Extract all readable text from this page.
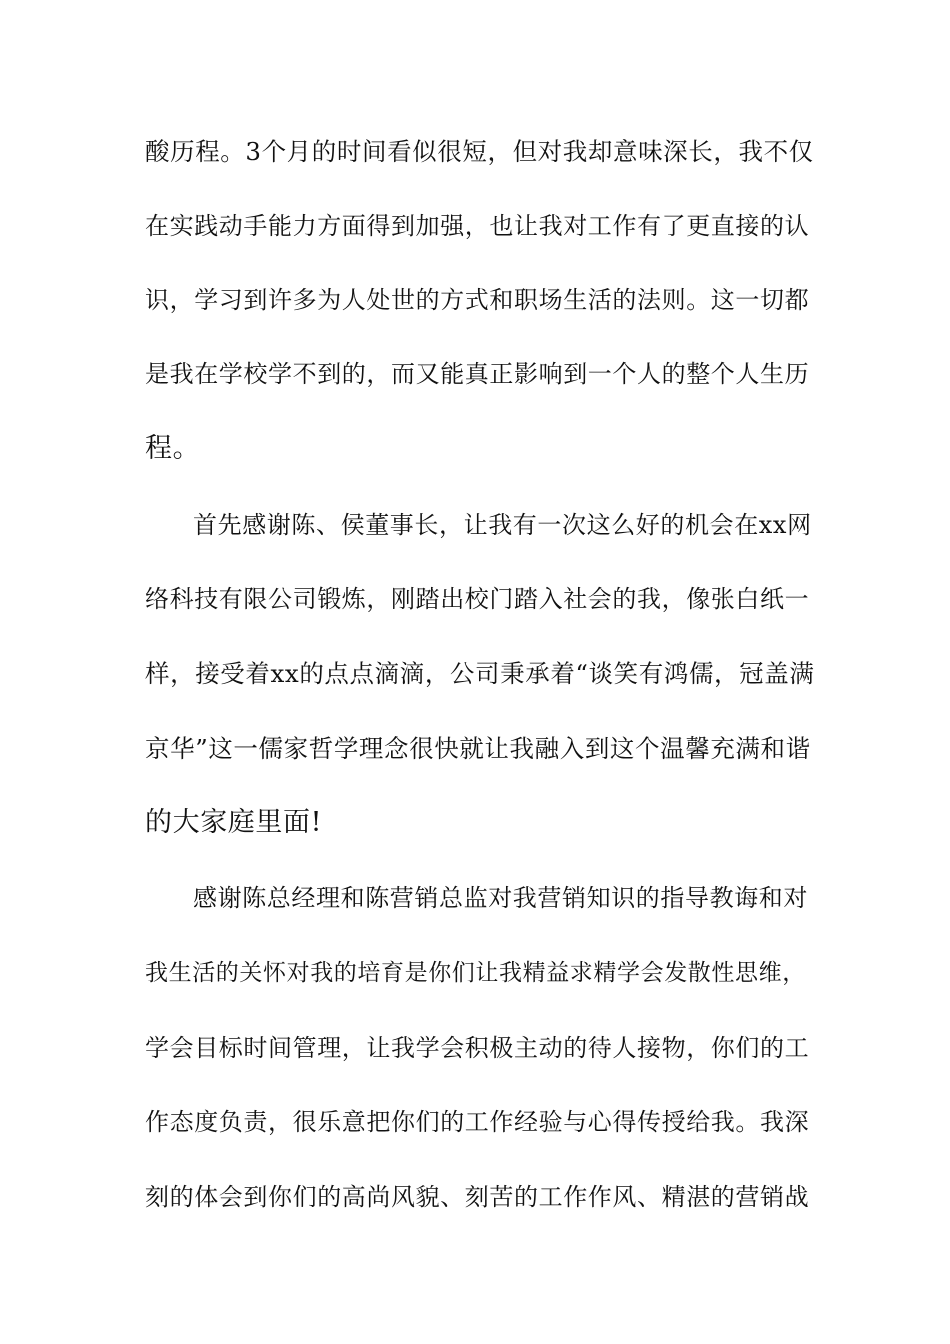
酸历程。3个月的时间看似很短，但对我却意味深长，我不仅
在实践动手能力方面得到加强，也让我对工作有了更直接的认
识，学习到许多为人处世的方式和职场生活的法则。这一切都
是我在学校学不到的，而又能真正影响到一个人的整个人生历
程。
首先感谢陈、侯董事长，让我有一次这么好的机会在xx网
络科技有限公司锻炼，刚踏出校门踏入社会的我，像张白纸一
样，接受着xx的点点滴滴，公司秉承着“谈笑有鸿儒，冠盖满
京华”这一儒家哲学理念很快就让我融入到这个温馨充满和谐
的大家庭里面!
感谢陈总经理和陈营销总监对我营销知识的指导教诲和对
我生活的关怀对我的培育是你们让我精益求精学会发散性思维，
学会目标时间管理，让我学会积极主动的待人接物，你们的工
作态度负责，很乐意把你们的工作经验与心得传授给我。我深
刻的体会到你们的高尚风貌、刻苦的工作作风、精湛的营销战
